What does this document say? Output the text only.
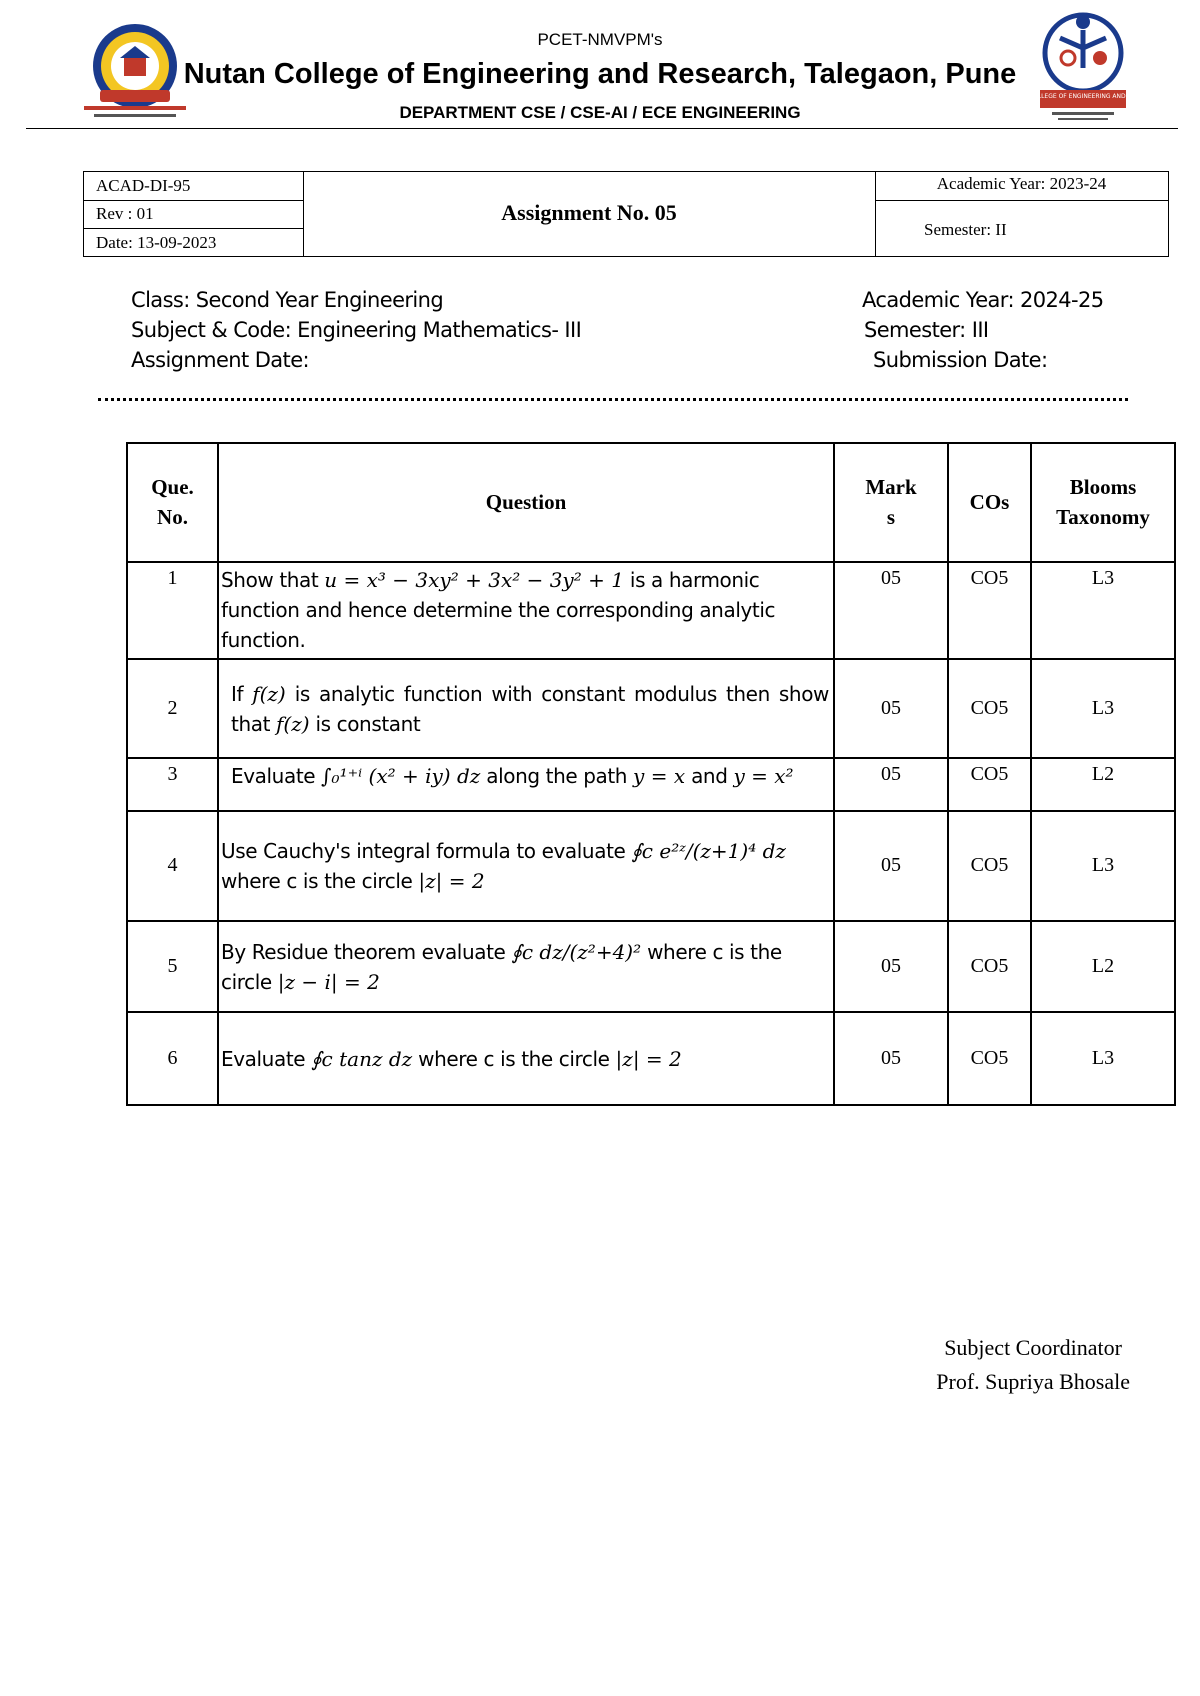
NUTAN COLLEGE OF ENGINEERING AND RESEARCH
PCET-NMVPM's
Nutan College of Engineering and Research, Talegaon, Pune
DEPARTMENT CSE / CSE-AI / ECE ENGINEERING
ACAD-DI-95
Rev : 01
Date: 13-09-2023
Assignment No. 05
Academic Year: 2023-24
Semester: II
Class: Second Year Engineering
Subject & Code: Engineering Mathematics- III
Assignment Date:
Academic Year: 2024-25
Semester: III
Submission Date:
Que. No.	Question	Mark s	COs	Blooms Taxonomy
1	Show that u = x³ − 3xy² + 3x² − 3y² + 1 is a harmonic function and hence determine the corresponding analytic function.	05	CO5	L3
2	If f(z) is analytic function with constant modulus then show that f(z) is constant	05	CO5	L3
3	Evaluate ∫₀¹⁺ⁱ (x² + iy) dz along the path y = x and y = x²	05	CO5	L2
4	Use Cauchy's integral formula to evaluate ∮c e²ᶻ/(z+1)⁴ dz where c is the circle |z| = 2	05	CO5	L3
5	By Residue theorem evaluate ∮c dz/(z²+4)² where c is the circle |z − i| = 2	05	CO5	L2
6	Evaluate ∮c tanz dz where c is the circle |z| = 2	05	CO5	L3
Subject Coordinator
Prof. Supriya Bhosale
